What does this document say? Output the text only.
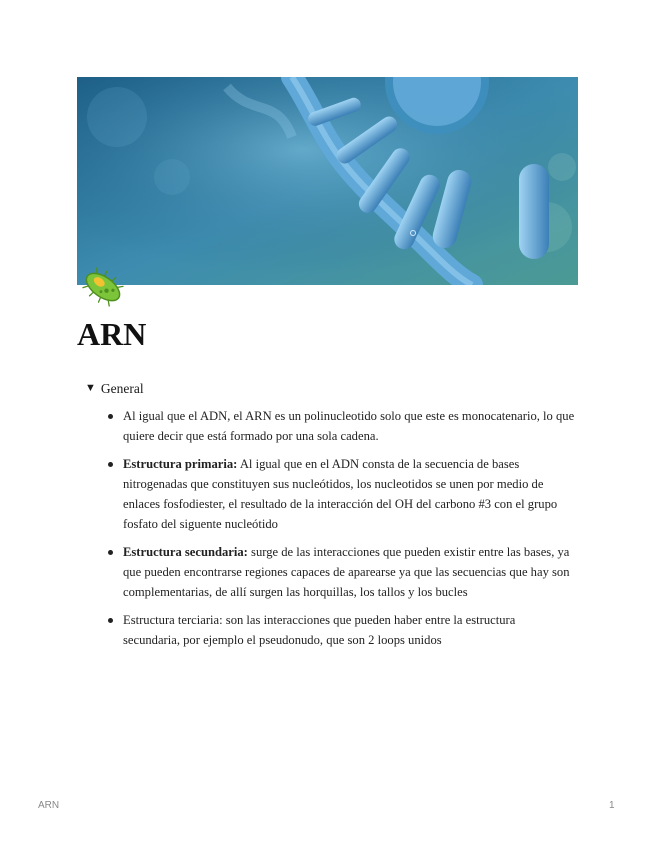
ARN
▼ General
Al igual que el ADN, el ARN es un polinucleotido solo que este es monocatenario, lo que quiere decir que está formado por una sola cadena.
Estructura primaria: Al igual que en el ADN consta de la secuencia de bases nitrogenadas que constituyen sus nucleótidos, los nucleotidos se unen por medio de enlaces fosfodiester, el resultado de la interacción del OH del carbono #3 con el grupo fosfato del siguente nucleótido
Estructura secundaria: surge de las interacciones que pueden existir entre las bases, ya que pueden encontrarse regiones capaces de aparearse ya que las secuencias que hay son complementarias, de allí surgen las horquillas, los tallos y los bucles
Estructura terciaria: son las interacciones que pueden haber entre la estructura secundaria, por ejemplo el pseudonudo, que son 2 loops unidos
ARN	1
